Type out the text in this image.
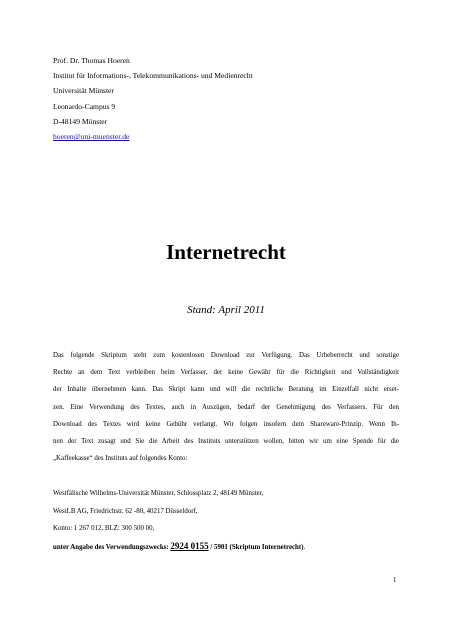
Prof. Dr. Thomas Hoeren
Institut für Informations-, Telekommunikations- und Medienrecht
Universität Münster
Leonardo-Campus 9
D-48149 Münster
hoeren@uni-muenster.de
Internetrecht
Stand: April 2011
Das folgende Skriptum steht zum kostenlosen Download zur Verfügung. Das Urheberrecht und sonstige
Rechte an dem Text verbleiben beim Verfasser, der keine Gewähr für die Richtigkeit und Vollständigkeit
der Inhalte übernehmen kann. Das Skript kann und will die rechtliche Beratung im Einzelfall nicht erset-
zen. Eine Verwendung des Textes, auch in Auszügen, bedarf der Genehmigung des Verfassers. Für den
Download des Textes wird keine Gebühr verlangt. Wir folgen insofern dem Shareware-Prinzip. Wenn Ih-
nen der Text zusagt und Sie die Arbeit des Instituts unterstützen wollen, bitten wir um eine Spende für die
„Kaffeekasse“ des Instituts auf folgendes Konto:
Westfälische Wilhelms-Universität Münster, Schlossplatz 2, 48149 Münster,
WestLB AG, Friedrichstr. 62 -80, 40217 Düsseldorf,
Konto: 1 267 012, BLZ: 300 500 00,
unter Angabe des Verwendungszwecks: 2924 0155 / 5901 (Skriptum Internetrecht).
1
